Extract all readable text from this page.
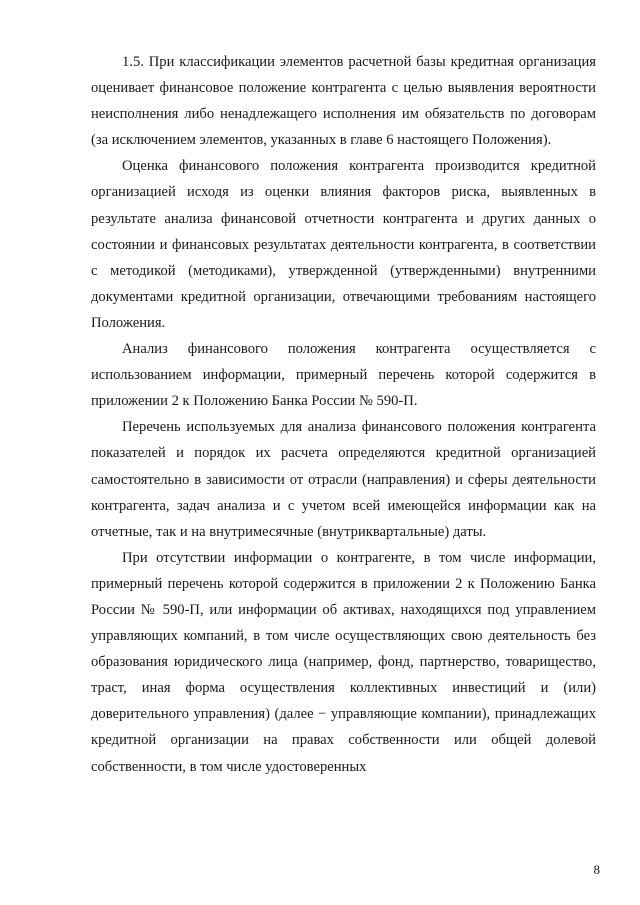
1.5. При классификации элементов расчетной базы кредитная организация оценивает финансовое положение контрагента с целью выявления вероятности неисполнения либо ненадлежащего исполнения им обязательств по договорам (за исключением элементов, указанных в главе 6 настоящего Положения).

Оценка финансового положения контрагента производится кредитной организацией исходя из оценки влияния факторов риска, выявленных в результате анализа финансовой отчетности контрагента и других данных о состоянии и финансовых результатах деятельности контрагента, в соответствии с методикой (методиками), утвержденной (утвержденными) внутренними документами кредитной организации, отвечающими требованиям настоящего Положения.

Анализ финансового положения контрагента осуществляется с использованием информации, примерный перечень которой содержится в приложении 2 к Положению Банка России № 590-П.

Перечень используемых для анализа финансового положения контрагента показателей и порядок их расчета определяются кредитной организацией самостоятельно в зависимости от отрасли (направления) и сферы деятельности контрагента, задач анализа и с учетом всей имеющейся информации как на отчетные, так и на внутримесячные (внутриквартальные) даты.

При отсутствии информации о контрагенте, в том числе информации, примерный перечень которой содержится в приложении 2 к Положению Банка России № 590-П, или информации об активах, находящихся под управлением управляющих компаний, в том числе осуществляющих свою деятельность без образования юридического лица (например, фонд, партнерство, товарищество, траст, иная форма осуществления коллективных инвестиций и (или) доверительного управления) (далее − управляющие компании), принадлежащих кредитной организации на правах собственности или общей долевой собственности, в том числе удостоверенных

8
